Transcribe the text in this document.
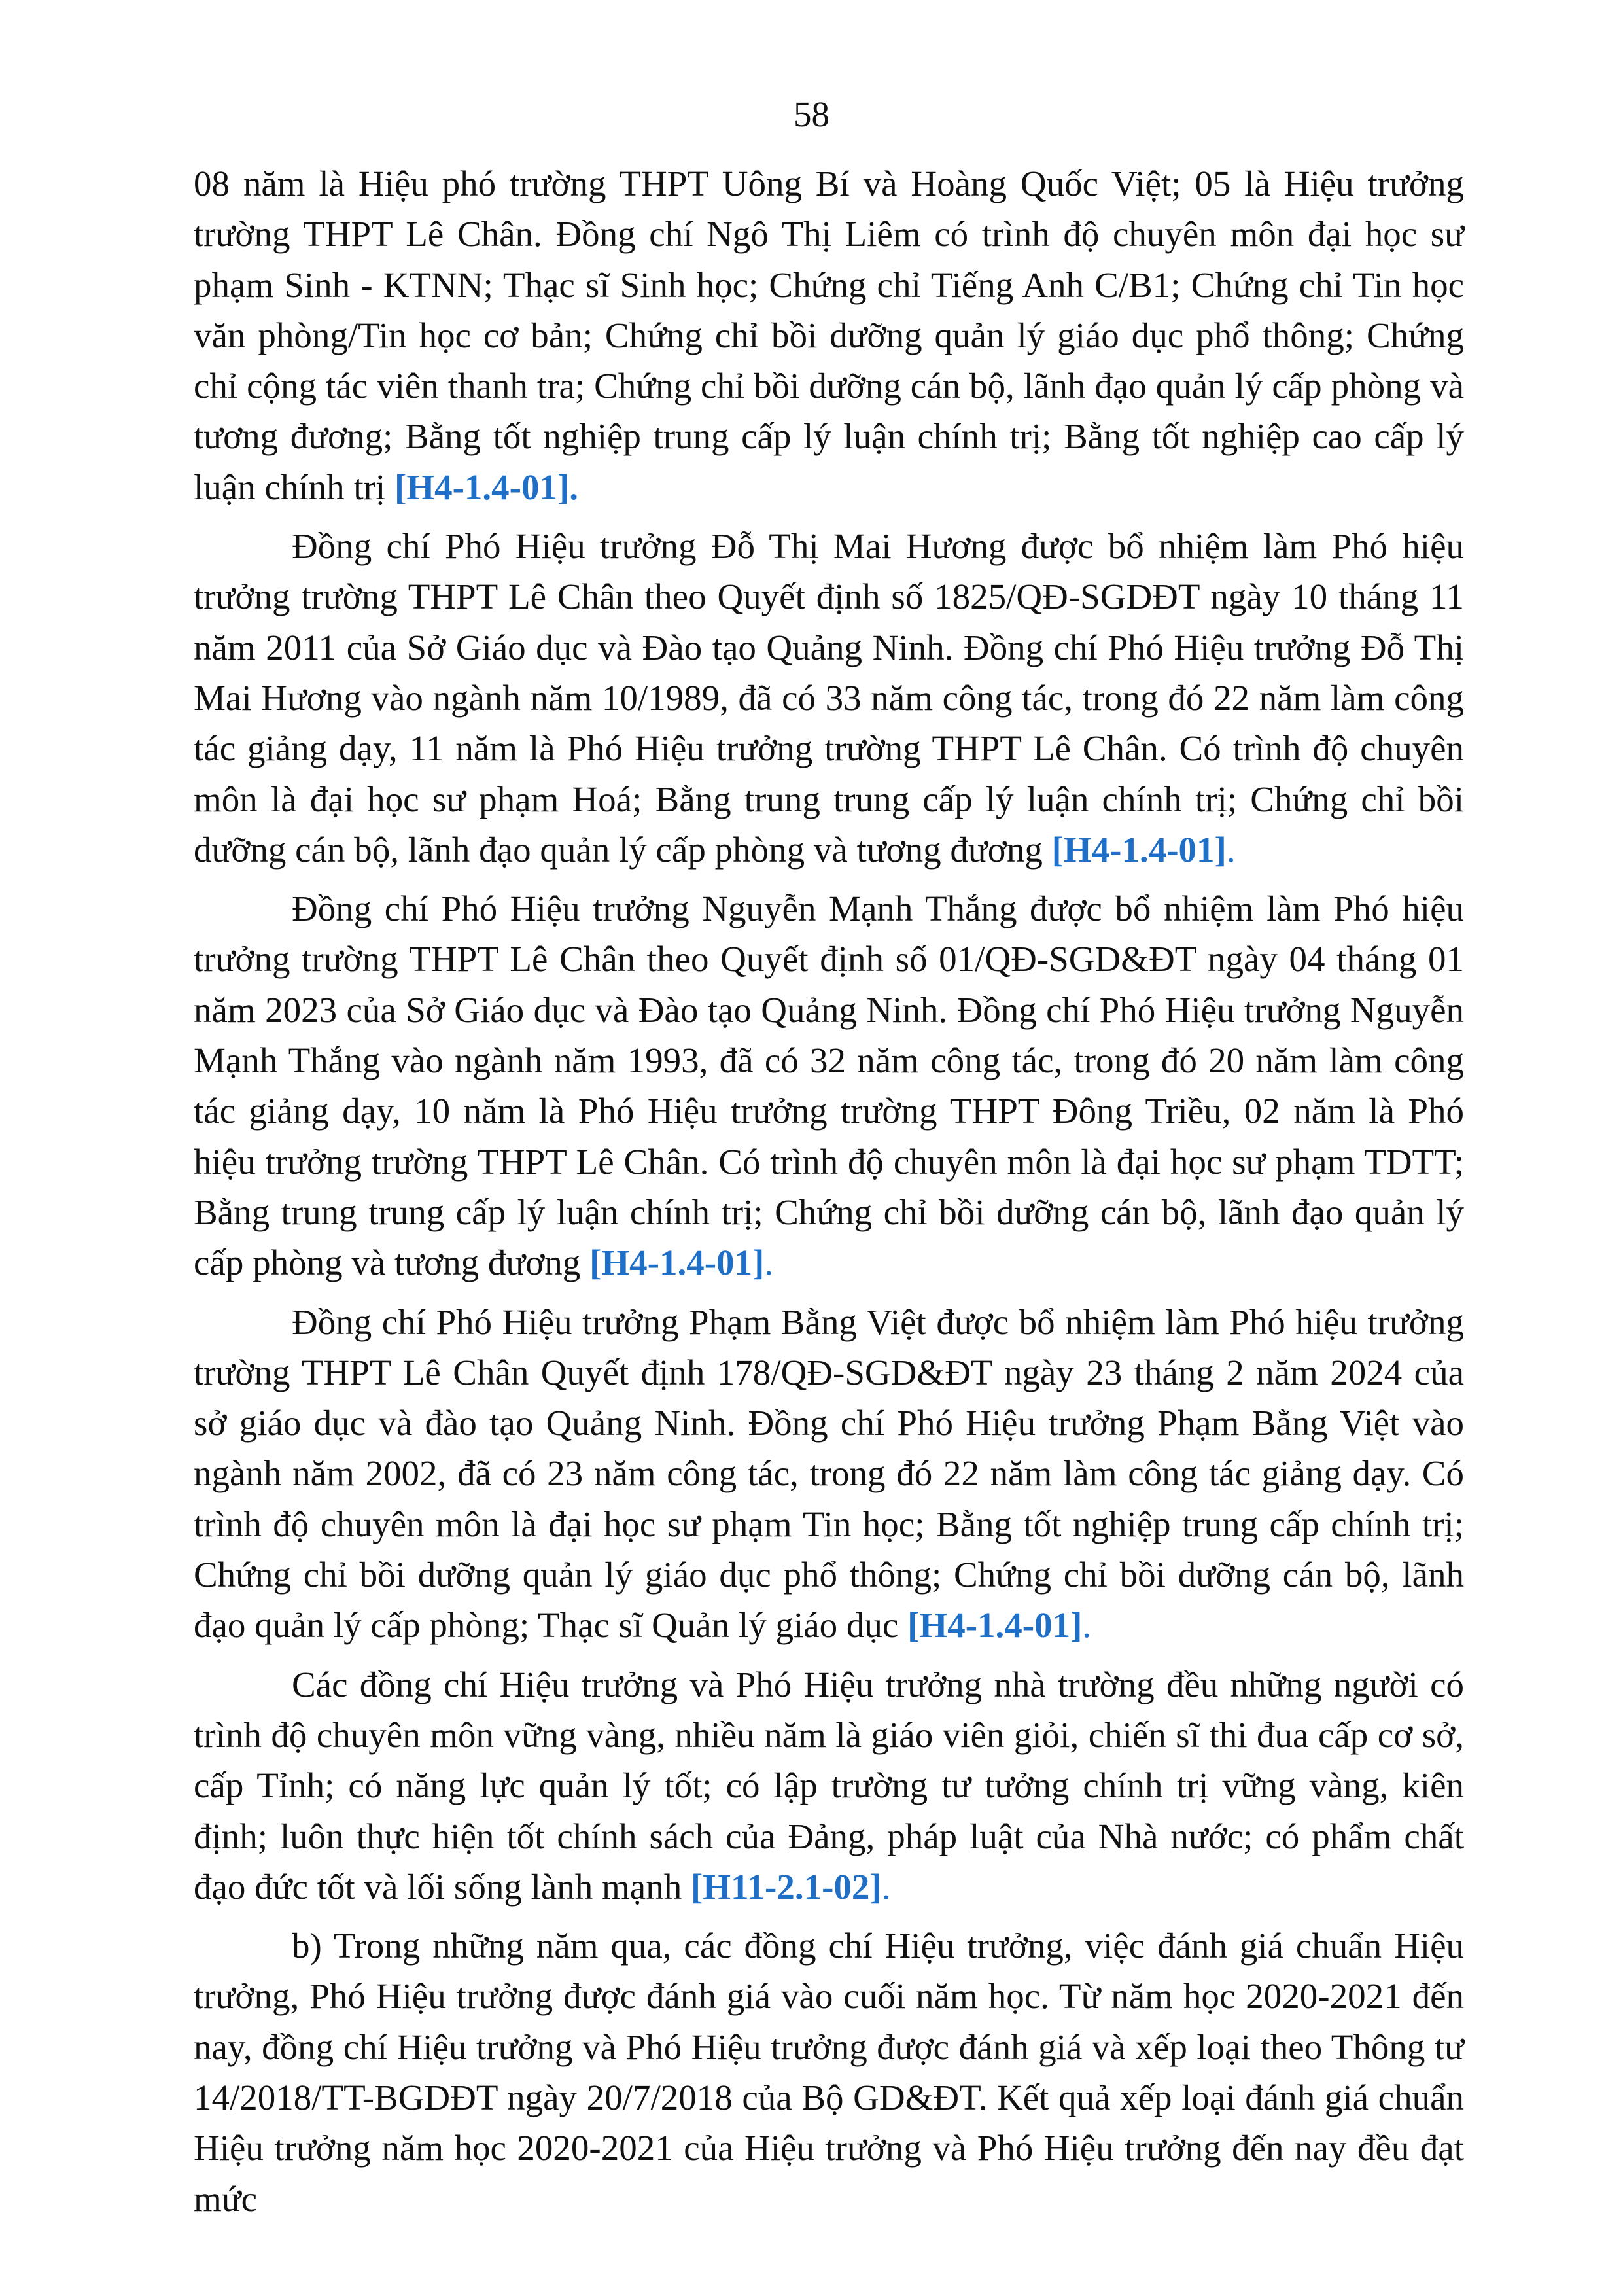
58

08 năm là Hiệu phó trường THPT Uông Bí và Hoàng Quốc Việt; 05 là Hiệu trưởng trường THPT Lê Chân. Đồng chí Ngô Thị Liêm có trình độ chuyên môn đại học sư phạm Sinh - KTNN; Thạc sĩ Sinh học; Chứng chỉ Tiếng Anh C/B1; Chứng chỉ Tin học văn phòng/Tin học cơ bản; Chứng chỉ bồi dưỡng quản lý giáo dục phổ thông; Chứng chỉ cộng tác viên thanh tra; Chứng chỉ bồi dưỡng cán bộ, lãnh đạo quản lý cấp phòng và tương đương; Bằng tốt nghiệp trung cấp lý luận chính trị; Bằng tốt nghiệp cao cấp lý luận chính trị [H4-1.4-01].

Đồng chí Phó Hiệu trưởng Đỗ Thị Mai Hương được bổ nhiệm làm Phó hiệu trưởng trường THPT Lê Chân theo Quyết định số 1825/QĐ-SGDĐT ngày 10 tháng 11 năm 2011 của Sở Giáo dục và Đào tạo Quảng Ninh. Đồng chí Phó Hiệu trưởng Đỗ Thị Mai Hương vào ngành năm 10/1989, đã có 33 năm công tác, trong đó 22 năm làm công tác giảng dạy, 11 năm là Phó Hiệu trưởng trường THPT Lê Chân. Có trình độ chuyên môn là đại học sư phạm Hoá; Bằng trung trung cấp lý luận chính trị; Chứng chỉ bồi dưỡng cán bộ, lãnh đạo quản lý cấp phòng và tương đương [H4-1.4-01].

Đồng chí Phó Hiệu trưởng Nguyễn Mạnh Thắng được bổ nhiệm làm Phó hiệu trưởng trường THPT Lê Chân theo Quyết định số 01/QĐ-SGD&ĐT ngày 04 tháng 01 năm 2023 của Sở Giáo dục và Đào tạo Quảng Ninh. Đồng chí Phó Hiệu trưởng Nguyễn Mạnh Thắng vào ngành năm 1993, đã có 32 năm công tác, trong đó 20 năm làm công tác giảng dạy, 10 năm là Phó Hiệu trưởng trường THPT Đông Triều, 02 năm là Phó hiệu trưởng trường THPT Lê Chân. Có trình độ chuyên môn là đại học sư phạm TDTT; Bằng trung trung cấp lý luận chính trị; Chứng chỉ bồi dưỡng cán bộ, lãnh đạo quản lý cấp phòng và tương đương [H4-1.4-01].

Đồng chí Phó Hiệu trưởng Phạm Bằng Việt được bổ nhiệm làm Phó hiệu trưởng trường THPT Lê Chân Quyết định 178/QĐ-SGD&ĐT ngày 23 tháng 2 năm 2024 của sở giáo dục và đào tạo Quảng Ninh. Đồng chí Phó Hiệu trưởng Phạm Bằng Việt vào ngành năm 2002, đã có 23 năm công tác, trong đó 22 năm làm công tác giảng dạy. Có trình độ chuyên môn là đại học sư phạm Tin học; Bằng tốt nghiệp trung cấp chính trị; Chứng chỉ bồi dưỡng quản lý giáo dục phổ thông; Chứng chỉ bồi dưỡng cán bộ, lãnh đạo quản lý cấp phòng; Thạc sĩ Quản lý giáo dục [H4-1.4-01].

Các đồng chí Hiệu trưởng và Phó Hiệu trưởng nhà trường đều những người có trình độ chuyên môn vững vàng, nhiều năm là giáo viên giỏi, chiến sĩ thi đua cấp cơ sở, cấp Tỉnh; có năng lực quản lý tốt; có lập trường tư tưởng chính trị vững vàng, kiên định; luôn thực hiện tốt chính sách của Đảng, pháp luật của Nhà nước; có phẩm chất đạo đức tốt và lối sống lành mạnh [H11-2.1-02].

b) Trong những năm qua, các đồng chí Hiệu trưởng, việc đánh giá chuẩn Hiệu trưởng, Phó Hiệu trưởng được đánh giá vào cuối năm học. Từ năm học 2020-2021 đến nay, đồng chí Hiệu trưởng và Phó Hiệu trưởng được đánh giá và xếp loại theo Thông tư 14/2018/TT-BGDĐT ngày 20/7/2018 của Bộ GD&ĐT. Kết quả xếp loại đánh giá chuẩn Hiệu trưởng năm học 2020-2021 của Hiệu trưởng và Phó Hiệu trưởng đến nay đều đạt mức
